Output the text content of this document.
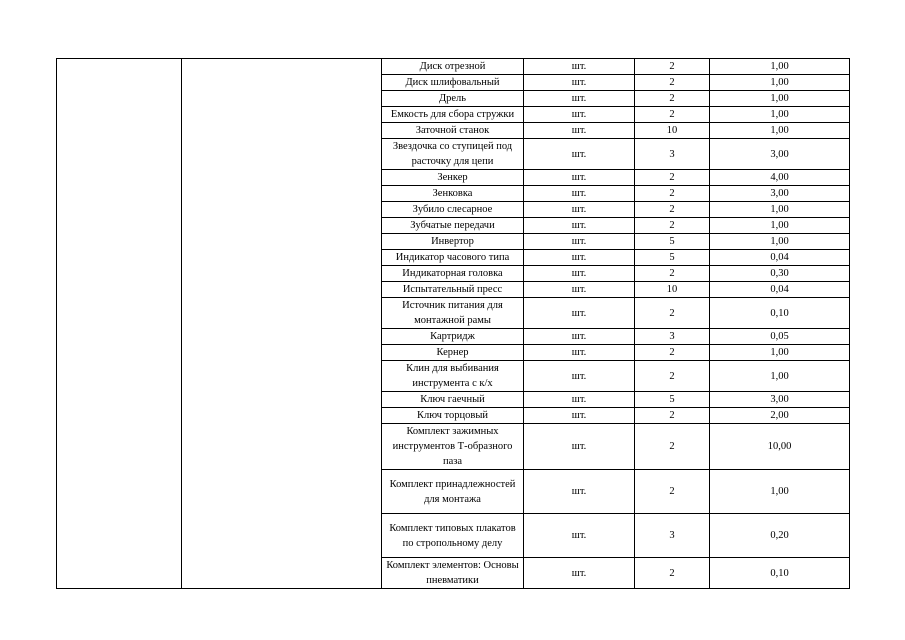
		Диск отрезной	шт.	2	1,00
		Диск шлифовальный	шт.	2	1,00
		Дрель	шт.	2	1,00
		Емкость для сбора стружки	шт.	2	1,00
		Заточной станок	шт.	10	1,00
		Звездочка со ступицей под расточку для цепи	шт.	3	3,00
		Зенкер	шт.	2	4,00
		Зенковка	шт.	2	3,00
		Зубило слесарное	шт.	2	1,00
		Зубчатые передачи	шт.	2	1,00
		Инвертор	шт.	5	1,00
		Индикатор часового типа	шт.	5	0,04
		Индикаторная головка	шт.	2	0,30
		Испытательный пресс	шт.	10	0,04
		Источник питания для монтажной рамы	шт.	2	0,10
		Картридж	шт.	3	0,05
		Кернер	шт.	2	1,00
		Клин для выбивания инструмента с к/х	шт.	2	1,00
		Ключ гаечный	шт.	5	3,00
		Ключ торцовый	шт.	2	2,00
		Комплект зажимных инструментов Т-образного паза	шт.	2	10,00
		Комплект принадлежностей для монтажа	шт.	2	1,00
		Комплект типовых плакатов по стропольному делу	шт.	3	0,20
		Комплект элементов: Основы пневматики	шт.	2	0,10
